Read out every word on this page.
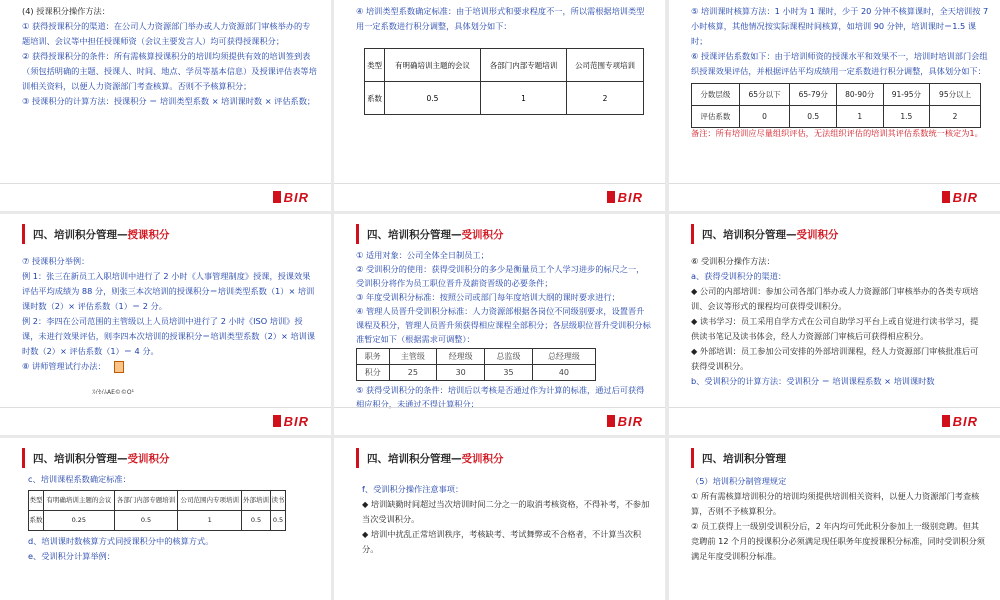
(4) 授课积分操作方法：
① 获得授课积分的渠道：在公司人力资源部门举办或人力资源部门审核举办的专题培训、会议等中担任授课师资（会议主要发言人）均可获得授课积分；
② 获得授课积分的条件：所有需核算授课积分的培训均须提供有效的培训签到表（须包括明确的主题、授课人、时间、地点、学员等基本信息）及授课评估表等培训相关资料，以便人力资源部门考查核算。否则不予核算积分；
③ 授课积分的计算方法：授课积分 ＝ 培训类型系数 × 培训课时数 × 评估系数；
BIR
④ 培训类型系数确定标准：由于培训形式和要求程度不一，所以需根据培训类型用一定系数进行积分调整，具体划分如下：
类型	有明确培训主题的会议	各部门内部专题培训	公司范围专项培训
系数	0.5	1	2
BIR
⑤ 培训课时核算方法：1 小时为 1 课时，少于 20 分钟不核算课时，全天培训按 7 小时核算，其他情况按实际课程时间核算，如培训 90 分钟，培训课时＝1.5 课时；
⑥ 授课评估系数如下：由于培训师资的授课水平和效果不一，培训时培训部门会组织授课效果评估，并根据评估平均成绩用一定系数进行积分调整，具体划分如下：
分数层级	65分以下	65-79分	80-90分	91-95分	95分以上
评估系数	0	0.5	1	1.5	2
备注：所有培训应尽量组织评估，无法组织评估的培训其评估系数统一核定为1。
BIR
四、培训积分管理—授课积分
⑦ 授课积分举例：
例 1：张三在新员工入职培训中进行了 2 小时《人事管理制度》授课，授课效果评估平均成绩为 88 分，则张三本次培训的授课积分＝培训类型系数（1）× 培训课时数（2）× 评估系数（1）＝ 2 分。
例 2：李四在公司范围的主管级以上人员培训中进行了 2 小时《ISO 培训》授课，未进行效果评估，则李四本次培训的授课积分＝培训类型系数（2）× 培训课时数（2）× 评估系数（1）＝ 4 分。
⑧ 讲师管理试行办法：
ｽｲｾｲﾑAE©©O¹
BIR
四、培训积分管理—受训积分
① 适用对象：公司全体全日制员工；
② 受训积分的使用：获得受训积分的多少是衡量员工个人学习进步的标尺之一，受训积分将作为员工职位晋升及薪资晋级的必要条件；
③ 年度受训积分标准：按照公司或部门每年度培训大纲的课时要求进行；
④ 管理人员晋升受训积分标准：人力资源部根据各岗位不同级别要求，设置晋升课程及积分，管理人员晋升须获得相应课程全部积分；各层级职位晋升受训积分标准暂定如下（根据需求可调整）：
职务	主管级	经理级	总监级	总经理级
积分	25	30	35	40
⑤ 获得受训积分的条件：培训后以考核是否通过作为计算的标准，通过后可获得相应积分，未通过不得计算积分；
BIR
四、培训积分管理—受训积分
⑥ 受训积分操作方法：
a、获得受训积分的渠道：
◆ 公司的内部培训：参加公司各部门举办或人力资源部门审核举办的各类专项培训、会议等形式的课程均可获得受训积分。
◆ 读书学习：员工采用自学方式在公司自助学习平台上或自觉进行读书学习，提供读书笔记及读书体会，经人力资源部门审核后可获得相应积分。
◆ 外部培训：员工参加公司安排的外部培训课程，经人力资源部门审核批准后可获得受训积分。
b、受训积分的计算方法：受训积分 ＝ 培训课程系数 × 培训课时数
BIR
四、培训积分管理—受训积分
c、培训课程系数确定标准：
类型	有明确培训主题的会议	各部门内部专题培训	公司范围内专项培训	外部培训	读书
系数	0.25	0.5	1	0.5	0.5
d、培训课时数核算方式同授课积分中的核算方式。
e、受训积分计算举例：
四、培训积分管理—受训积分
f、受训积分操作注意事项：
◆ 培训缺勤时间超过当次培训时间二分之一的取消考核资格，不得补考，不参加当次受训积分。
◆ 培训中扰乱正常培训秩序，考核缺考、考试舞弊或不合格者，不计算当次积分。
四、培训积分管理
（5）培训积分制管理规定
① 所有需核算培训积分的培训均须提供培训相关资料，以便人力资源部门考查核算，否则不予核算积分。
② 员工获得上一级别受训积分后，2 年内均可凭此积分参加上一级别竞聘。但其竞聘前 12 个月的授课积分必须满足现任职务年度授课积分标准，同时受训积分须满足年度受训积分标准。
